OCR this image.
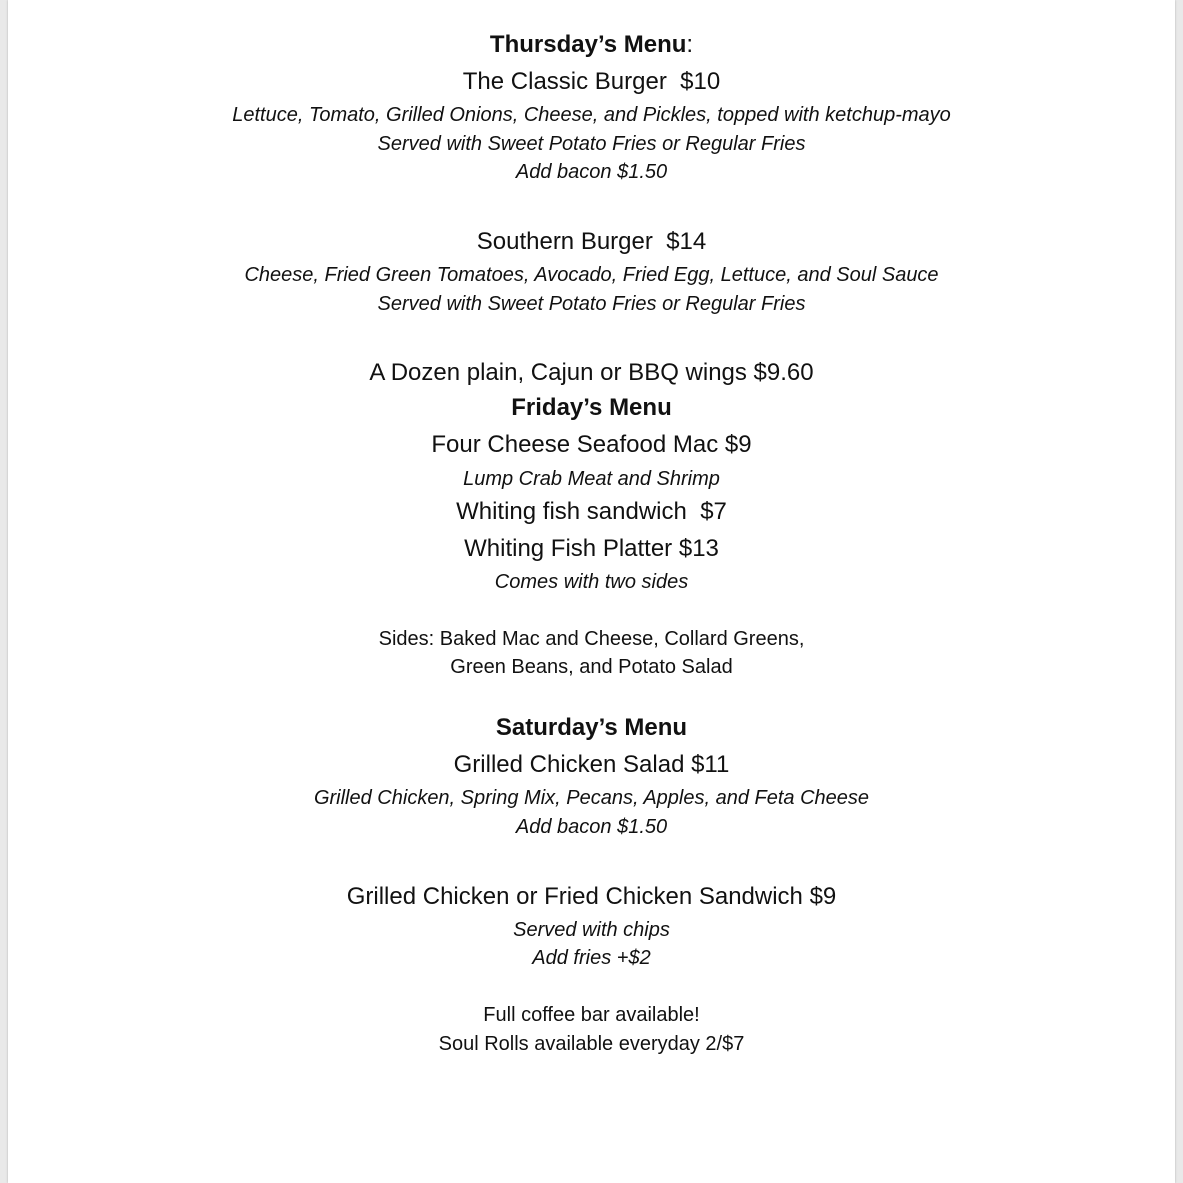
Thursday’s Menu:
The Classic Burger  $10
Lettuce, Tomato, Grilled Onions, Cheese, and Pickles, topped with ketchup-mayo
Served with Sweet Potato Fries or Regular Fries
Add bacon $1.50
Southern Burger  $14
Cheese, Fried Green Tomatoes, Avocado, Fried Egg, Lettuce, and Soul Sauce
Served with Sweet Potato Fries or Regular Fries
A Dozen plain, Cajun or BBQ wings $9.60
Friday’s Menu
Four Cheese Seafood Mac $9
Lump Crab Meat and Shrimp
Whiting fish sandwich  $7
Whiting Fish Platter $13
Comes with two sides
Sides: Baked Mac and Cheese, Collard Greens,
Green Beans, and Potato Salad
Saturday’s Menu
Grilled Chicken Salad $11
Grilled Chicken, Spring Mix, Pecans, Apples, and Feta Cheese
Add bacon $1.50
Grilled Chicken or Fried Chicken Sandwich $9
Served with chips
Add fries +$2
Full coffee bar available!
Soul Rolls available everyday 2/$7
